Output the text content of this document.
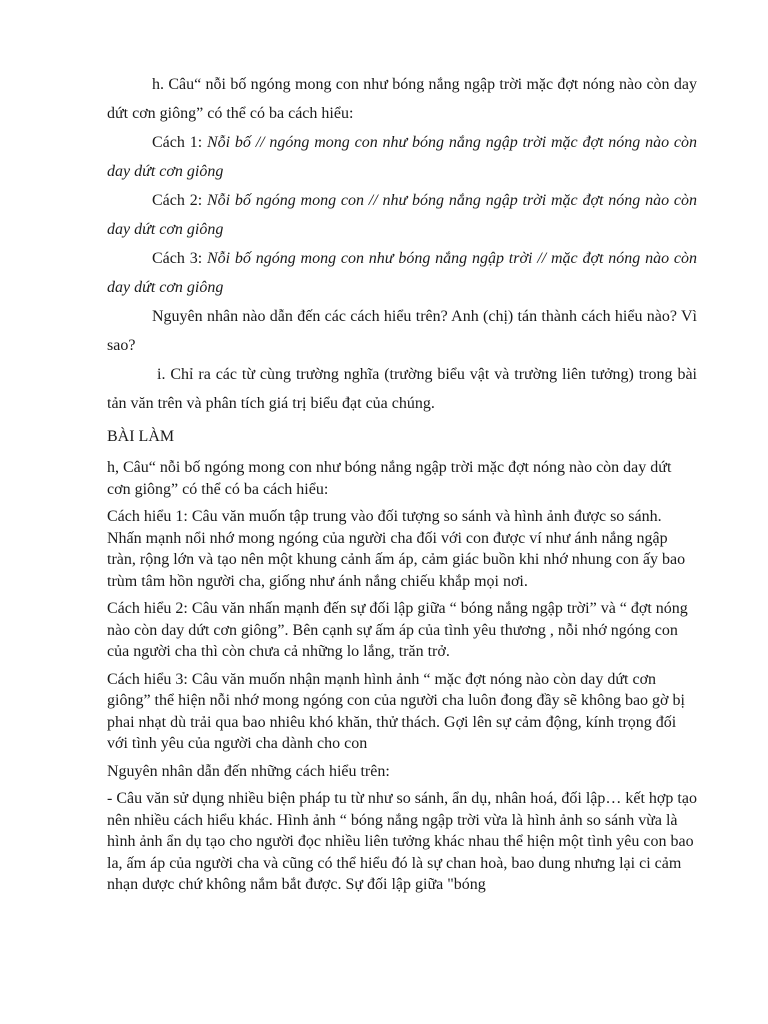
h. Câu“ nỗi bố ngóng mong con như bóng nắng ngập trời mặc đợt nóng nào còn day dứt cơn giông” có thể có ba cách hiểu:

Cách 1: Nỗi bố // ngóng mong con như bóng nắng ngập trời mặc đợt nóng nào còn day dứt cơn giông

Cách 2: Nỗi bố ngóng mong con // như bóng nắng ngập trời mặc đợt nóng nào còn day dứt cơn giông

Cách 3: Nỗi bố ngóng mong con như bóng nắng ngập trời // mặc đợt nóng nào còn day dứt cơn giông

Nguyên nhân nào dẫn đến các cách hiểu trên? Anh (chị) tán thành cách hiểu nào? Vì sao?

i. Chỉ ra các từ cùng trường nghĩa (trường biểu vật và trường liên tưởng) trong bài tản văn trên và phân tích giá trị biểu đạt của chúng.

BÀI LÀM

h, Câu“ nỗi bố ngóng mong con như bóng nắng ngập trời mặc đợt nóng nào còn day dứt cơn giông” có thể có ba cách hiểu:

Cách hiểu 1: Câu văn muốn tập trung vào đối tượng so sánh và hình ảnh được so sánh. Nhấn mạnh nổi nhớ mong ngóng của người cha đối với con được ví như ánh nắng ngập tràn, rộng lớn và tạo nên một khung cảnh ấm áp, cảm giác buồn khi nhớ nhung con ấy bao trùm tâm hồn người cha, giống như ánh nắng chiếu khắp mọi nơi.

Cách hiểu 2: Câu văn nhấn mạnh đến sự đối lập giữa “ bóng nắng ngập trời” và “ đợt nóng nào còn day dứt cơn giông”. Bên cạnh sự ấm áp của tình yêu thương , nỗi nhớ ngóng con của người cha thì còn chưa cả những lo lắng, trăn trở.

Cách hiểu 3: Câu văn muốn nhận mạnh hình ảnh “ mặc đợt nóng nào còn day dứt cơn giông” thể hiện nỗi nhớ mong ngóng con của người cha luôn đong đầy sẽ không bao gờ bị phai nhạt dù trải qua bao nhiêu khó khăn, thử thách. Gợi lên sự cảm động, kính trọng đối với tình yêu của người cha dành cho con

Nguyên nhân dẫn đến những cách hiểu trên:

- Câu văn sử dụng nhiều biện pháp tu từ như so sánh, ẩn dụ, nhân hoá, đối lập… kết hợp tạo nên nhiều cách hiểu khác. Hình ảnh “ bóng nắng ngập trời vừa là hình ảnh so sánh vừa là hình ảnh ẩn dụ tạo cho người đọc nhiều liên tưởng khác nhau thể hiện một tình yêu con bao la, ấm áp của người cha và cũng có thể hiểu đó là sự chan hoà, bao dung nhưng lại ci cảm nhạn dược chứ không nắm bắt được. Sự đối lập giữa "bóng
